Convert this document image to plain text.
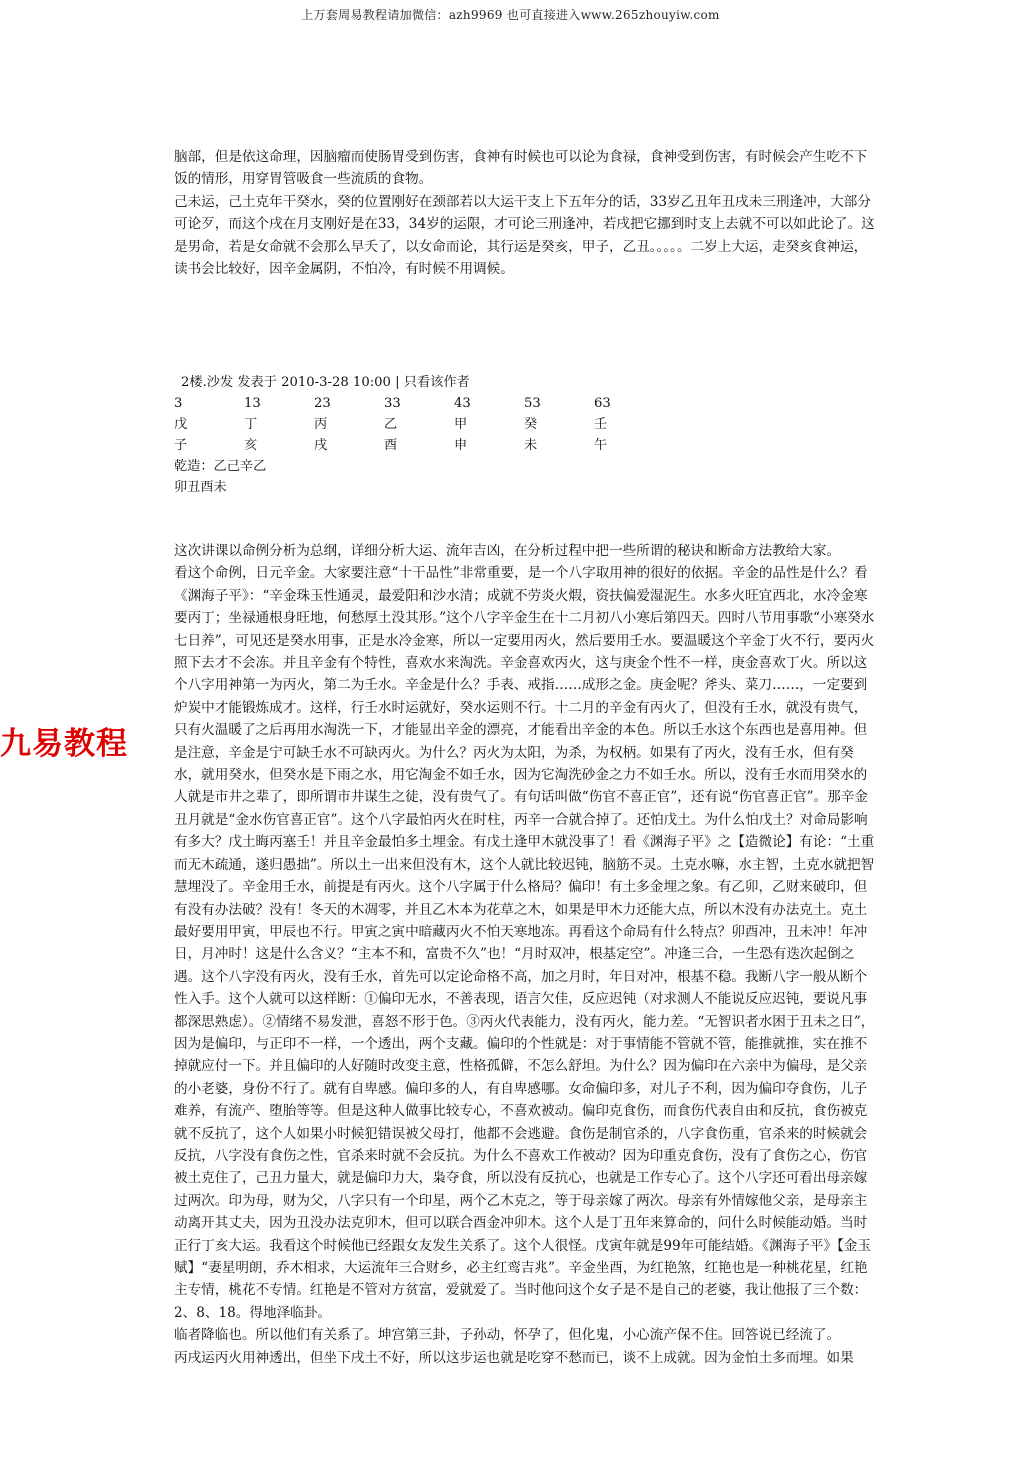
上万套周易教程请加微信：azh9969 也可直接进入www.265zhouyiw.com

脑部，但是依这命理，因脑瘤而使肠胃受到伤害，食神有时候也可以论为食禄，食神受到伤害，有时候会产生吃不下饭的情形，用穿胃管吸食一些流质的食物。

己未运，己土克年干癸水，癸的位置刚好在颈部若以大运干支上下五年分的话，33岁乙丑年丑戌未三刑逢冲，大部分可论歹，而这个戌在月支刚好是在33，34岁的运限，才可论三刑逢冲，若戌把它挪到时支上去就不可以如此论了。这是男命，若是女命就不会那么早夭了，以女命而论，其行运是癸亥，甲子，乙丑。。。。。二岁上大运，走癸亥食神运，读书会比较好，因辛金属阴，不怕冷，有时候不用调候。

2楼.沙发 发表于 2010-3-28 10:00 | 只看该作者
3	13	23	33	43	53	63
戊	丁	丙	乙	甲	癸	壬
子	亥	戌	酉	申	未	午
乾造：乙己辛乙
卯丑酉未

这次讲课以命例分析为总纲，详细分析大运、流年吉凶，在分析过程中把一些所谓的秘诀和断命方法教给大家。

看这个命例，日元辛金。大家要注意“十干品性”非常重要，是一个八字取用神的很好的依据。辛金的品性是什么？看《渊海子平》：“辛金珠玉性通灵，最爱阳和沙水清；成就不劳炎火煆，资扶偏爱湿泥生。水多火旺宜西北，水冷金寒要丙丁；坐禄通根身旺地，何愁厚土没其形。”这个八字辛金生在十二月初八小寒后第四天。四时八节用事歌“小寒癸水七日养”，可见还是癸水用事，正是水冷金寒，所以一定要用丙火，然后要用壬水。要温暖这个辛金丁火不行，要丙火照下去才不会冻。并且辛金有个特性，喜欢水来淘洗。辛金喜欢丙火，这与庚金个性不一样，庚金喜欢丁火。所以这个八字用神第一为丙火，第二为壬水。辛金是什么？手表、戒指……成形之金。庚金呢？斧头、菜刀……，一定要到炉炭中才能锻炼成才。这样，行壬水时运就好，癸水运则不行。十二月的辛金有丙火了，但没有壬水，就没有贵气，只有火温暖了之后再用水淘洗一下，才能显出辛金的漂亮，才能看出辛金的本色。所以壬水这个东西也是喜用神。但是注意，辛金是宁可缺壬水不可缺丙火。为什么？丙火为太阳，为杀，为权柄。如果有了丙火，没有壬水，但有癸水，就用癸水，但癸水是下雨之水，用它淘金不如壬水，因为它淘洗砂金之力不如壬水。所以，没有壬水而用癸水的人就是市井之辈了，即所谓市井谋生之徒，没有贵气了。有句话叫做“伤官不喜正官”，还有说“伤官喜正官”。那辛金丑月就是“金水伤官喜正官”。这个八字最怕丙火在时柱，丙辛一合就合掉了。还怕戊土。为什么怕戊土？对命局影响有多大？戊土晦丙塞壬！并且辛金最怕多土埋金。有戊土逢甲木就没事了！看《渊海子平》之【造微论】有论：“土重而无木疏通，遂归愚拙”。所以土一出来但没有木，这个人就比较迟钝，脑筋不灵。土克水嘛，水主智，土克水就把智慧埋没了。辛金用壬水，前提是有丙火。这个八字属于什么格局？偏印！有土多金埋之象。有乙卯，乙财来破印，但有没有办法破？没有！冬天的木凋零，并且乙木本为花草之木，如果是甲木力还能大点，所以木没有办法克土。克土最好要用甲寅，甲辰也不行。甲寅之寅中暗藏丙火不怕天寒地冻。再看这个命局有什么特点？卯酉冲，丑未冲！年冲日，月冲时！这是什么含义？“主本不和，富贵不久”也！“月时双冲，根基定空”。冲逢三合，一生恐有迭次起倒之遇。这个八字没有丙火，没有壬水，首先可以定论命格不高，加之月时，年日对冲，根基不稳。我断八字一般从断个性入手。这个人就可以这样断：①偏印无水，不善表现，语言欠佳，反应迟钝（对求测人不能说反应迟钝，要说凡事都深思熟虑）。②情绪不易发泄，喜怒不形于色。③丙火代表能力，没有丙火，能力差。“无智识者水困于丑未之日”，因为是偏印，与正印不一样，一个透出，两个支藏。偏印的个性就是：对于事情能不管就不管，能推就推，实在推不掉就应付一下。并且偏印的人好随时改变主意，性格孤僻，不怎么舒坦。为什么？因为偏印在六亲中为偏母，是父亲的小老婆，身份不行了。就有自卑感。偏印多的人，有自卑感哪。女命偏印多，对儿子不利，因为偏印夺食伤，儿子难养，有流产、堕胎等等。但是这种人做事比较专心，不喜欢被动。偏印克食伤，而食伤代表自由和反抗，食伤被克就不反抗了，这个人如果小时候犯错误被父母打，他都不会逃避。食伤是制官杀的，八字食伤重，官杀来的时候就会反抗，八字没有食伤之性，官杀来时就不会反抗。为什么不喜欢工作被动？因为印重克食伤，没有了食伤之心，伤官被土克住了，己丑力量大，就是偏印力大，枭夺食，所以没有反抗心，也就是工作专心了。这个八字还可看出母亲嫁过两次。印为母，财为父，八字只有一个印星，两个乙木克之，等于母亲嫁了两次。母亲有外情嫁他父亲，是母亲主动离开其丈夫，因为丑没办法克卯木，但可以联合酉金冲卯木。这个人是丁丑年来算命的，问什么时候能动婚。当时正行丁亥大运。我看这个时候他已经跟女友发生关系了。这个人很怪。戊寅年就是99年可能结婚。《渊海子平》【金玉赋】“妻星明朗，乔木相求，大运流年三合财乡，必主红鸾吉兆”。辛金坐酉，为红艳煞，红艳也是一种桃花星，红艳主专情，桃花不专情。红艳是不管对方贫富，爱就爱了。当时他问这个女子是不是自己的老婆，我让他报了三个数：2、8、18。得地泽临卦。

临者降临也。所以他们有关系了。坤宫第三卦，子孙动，怀孕了，但化鬼，小心流产保不住。回答说已经流了。

丙戌运丙火用神透出，但坐下戌土不好，所以这步运也就是吃穿不愁而已，谈不上成就。因为金怕土多而埋。如果

九易教程
